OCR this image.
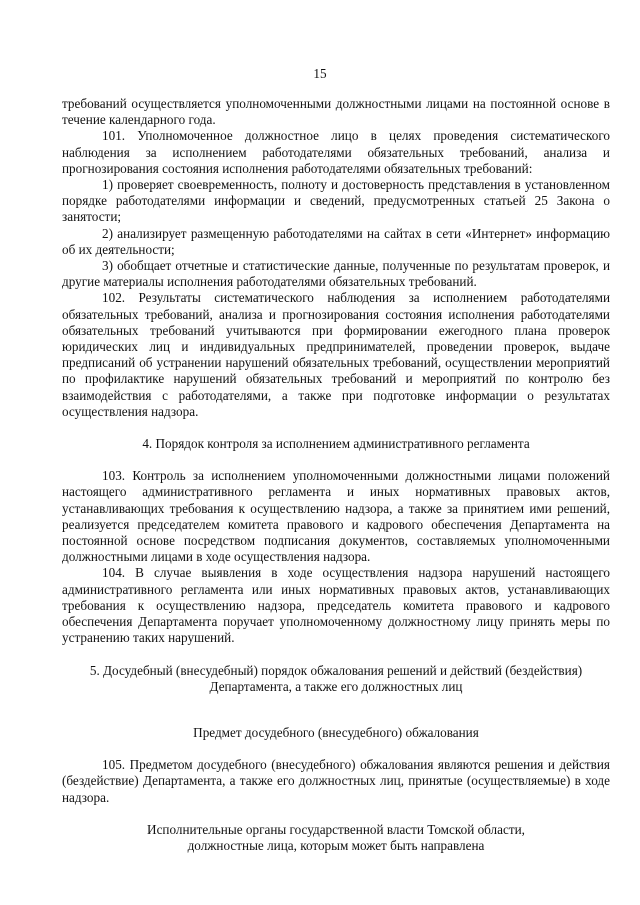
15

требований осуществляется уполномоченными должностными лицами на постоянной основе в течение календарного года.

101. Уполномоченное должностное лицо в целях проведения систематического наблюдения за исполнением работодателями обязательных требований, анализа и прогнозирования состояния исполнения работодателями обязательных требований:

1) проверяет своевременность, полноту и достоверность представления в установленном порядке работодателями информации и сведений, предусмотренных статьей 25 Закона о занятости;

2) анализирует размещенную работодателями на сайтах в сети «Интернет» информацию об их деятельности;

3) обобщает отчетные и статистические данные, полученные по результатам проверок, и другие материалы исполнения работодателями обязательных требований.

102. Результаты систематического наблюдения за исполнением работодателями обязательных требований, анализа и прогнозирования состояния исполнения работодателями обязательных требований учитываются при формировании ежегодного плана проверок юридических лиц и индивидуальных предпринимателей, проведении проверок, выдаче предписаний об устранении нарушений обязательных требований, осуществлении мероприятий по профилактике нарушений обязательных требований и мероприятий по контролю без взаимодействия с работодателями, а также при подготовке информации о результатах осуществления надзора.

4. Порядок контроля за исполнением административного регламента

103. Контроль за исполнением уполномоченными должностными лицами положений настоящего административного регламента и иных нормативных правовых актов, устанавливающих требования к осуществлению надзора, а также за принятием ими решений, реализуется председателем комитета правового и кадрового обеспечения Департамента на постоянной основе посредством подписания документов, составляемых уполномоченными должностными лицами в ходе осуществления надзора.

104. В случае выявления в ходе осуществления надзора нарушений настоящего административного регламента или иных нормативных правовых актов, устанавливающих требования к осуществлению надзора, председатель комитета правового и кадрового обеспечения Департамента поручает уполномоченному должностному лицу принять меры по устранению таких нарушений.

5. Досудебный (внесудебный) порядок обжалования решений и действий (бездействия)

Департамента, а также его должностных лиц

Предмет досудебного (внесудебного) обжалования

105. Предметом досудебного (внесудебного) обжалования являются решения и действия (бездействие) Департамента, а также его должностных лиц, принятые (осуществляемые) в ходе надзора.

Исполнительные органы государственной власти Томской области,

должностные лица, которым может быть направлена
